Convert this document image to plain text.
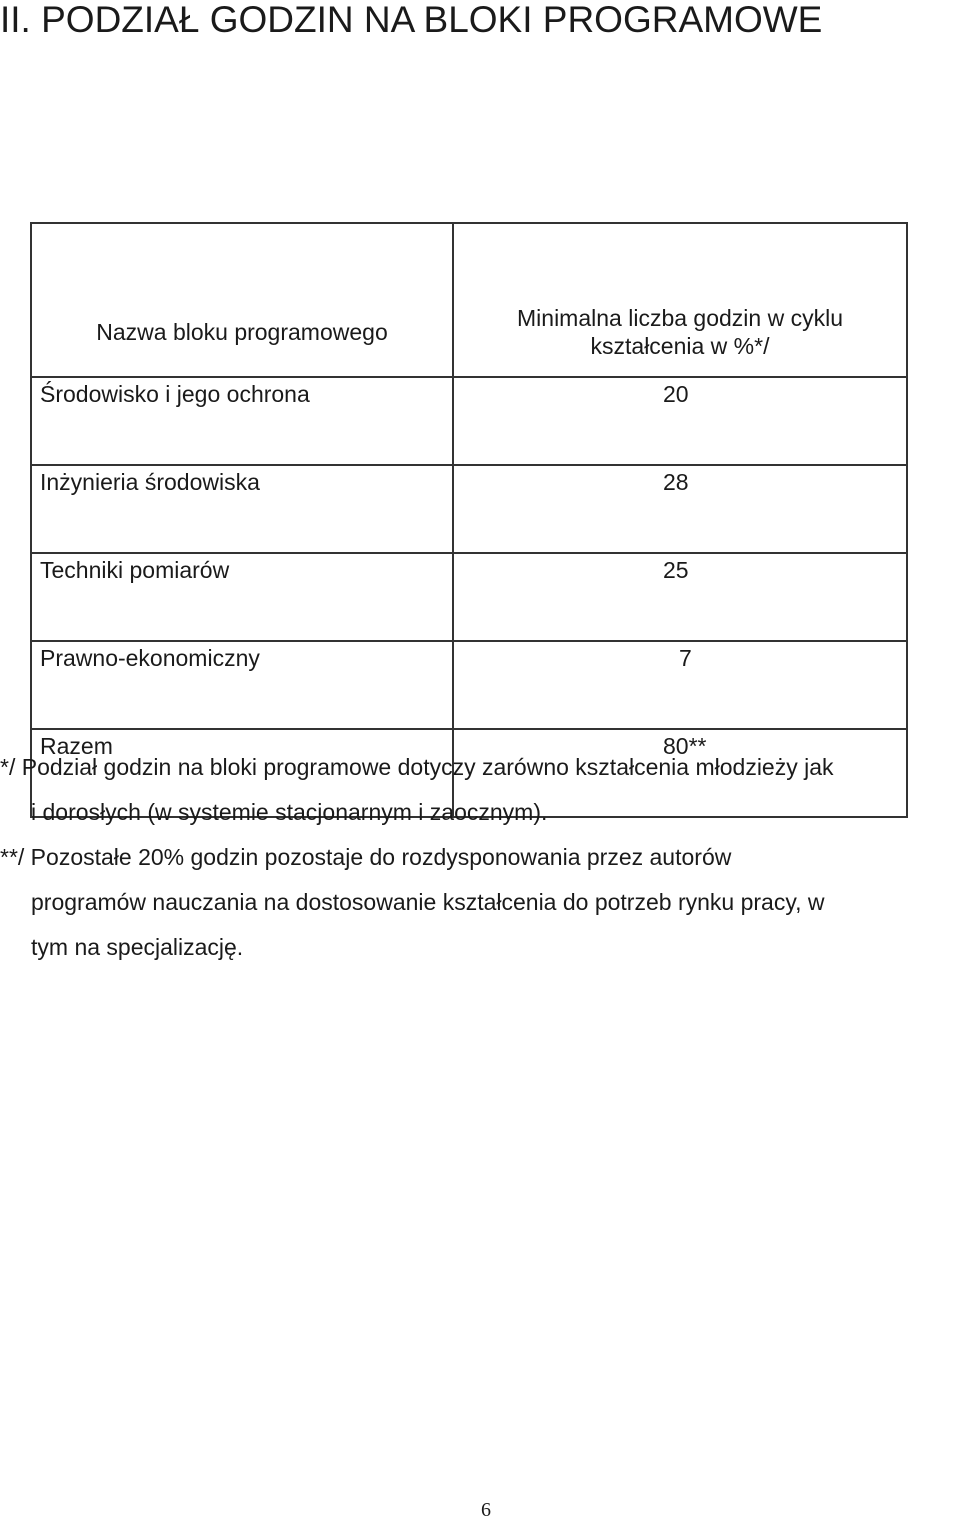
II. PODZIAŁ GODZIN NA BLOKI PROGRAMOWE
Nazwa bloku programowego	Minimalna liczba godzin w cyklu
kształcenia w %*/

Środowisko i jego ochrona	20

Inżynieria środowiska	28

Techniki pomiarów	25

Prawno-ekonomiczny	7

Razem	80**
*/ Podział godzin na bloki programowe dotyczy zarówno kształcenia młodzieży jak
i dorosłych (w systemie stacjonarnym i zaocznym).
**/ Pozostałe 20% godzin pozostaje do rozdysponowania przez autorów
programów nauczania na dostosowanie kształcenia do potrzeb rynku pracy, w
tym na specjalizację.
6
